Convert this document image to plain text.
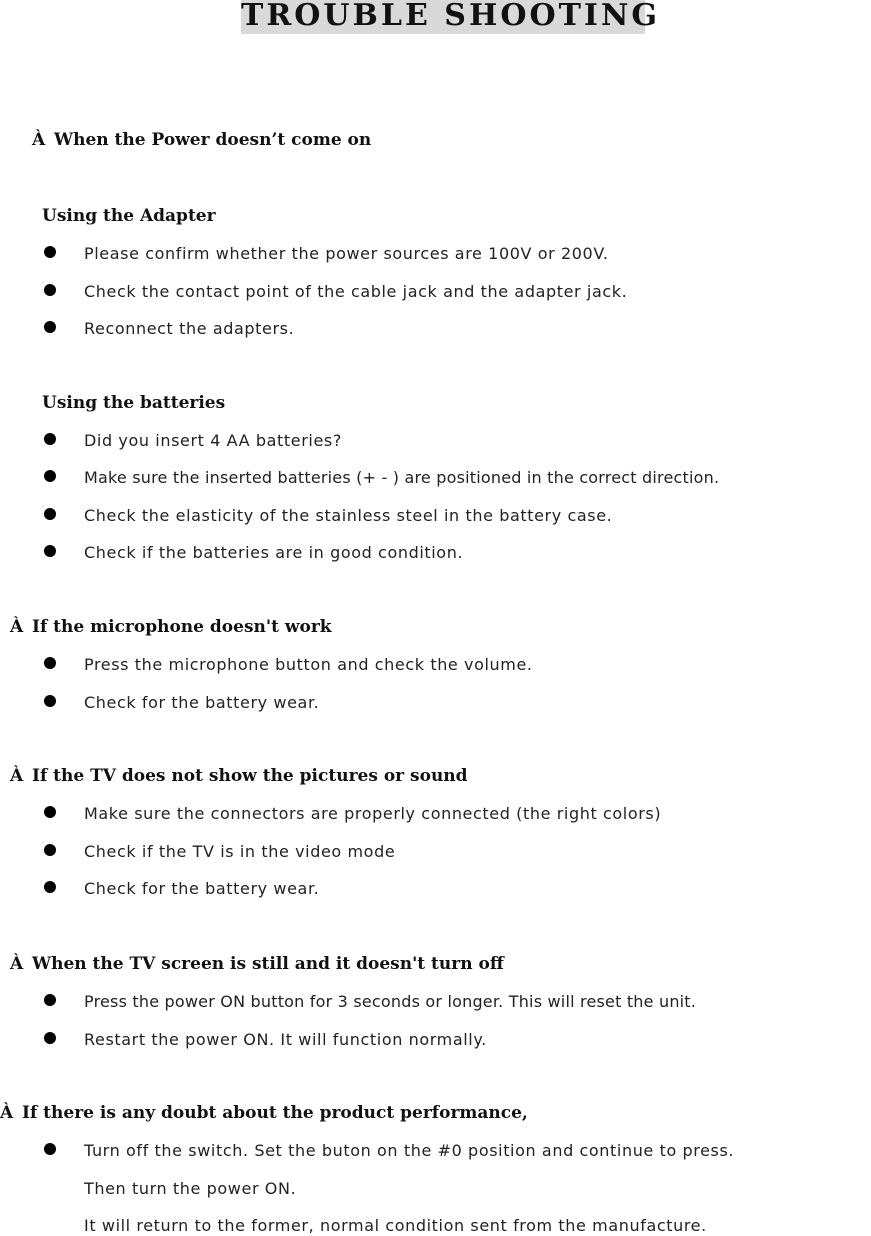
TROUBLE SHOOTING
À When the Power doesn’t come on
Using the Adapter
Please confirm whether the power sources are 100V or 200V.
Check the contact point of the cable jack and the adapter jack.
Reconnect the adapters.
Using the batteries
Did you insert 4 AA batteries?
Make sure the inserted batteries (+ - ) are positioned in the correct direction.
Check the elasticity of the stainless steel in the battery case.
Check if the batteries are in good condition.
À If the microphone doesn't work
Press the microphone button and check the volume.
Check for the battery wear.
À If the TV does not show the pictures or sound
Make sure the connectors are properly connected (the right colors)
Check if the TV is in the video mode
Check for the battery wear.
À When the TV screen is still and it doesn't turn off
Press the power ON button for 3 seconds or longer. This will reset the unit.
Restart the power ON. It will function normally.
À If there is any doubt about the product performance,
Turn off the switch. Set the buton on the #0 position and continue to press.
Then turn the power ON.
It will return to the former, normal condition sent from the manufacture.
